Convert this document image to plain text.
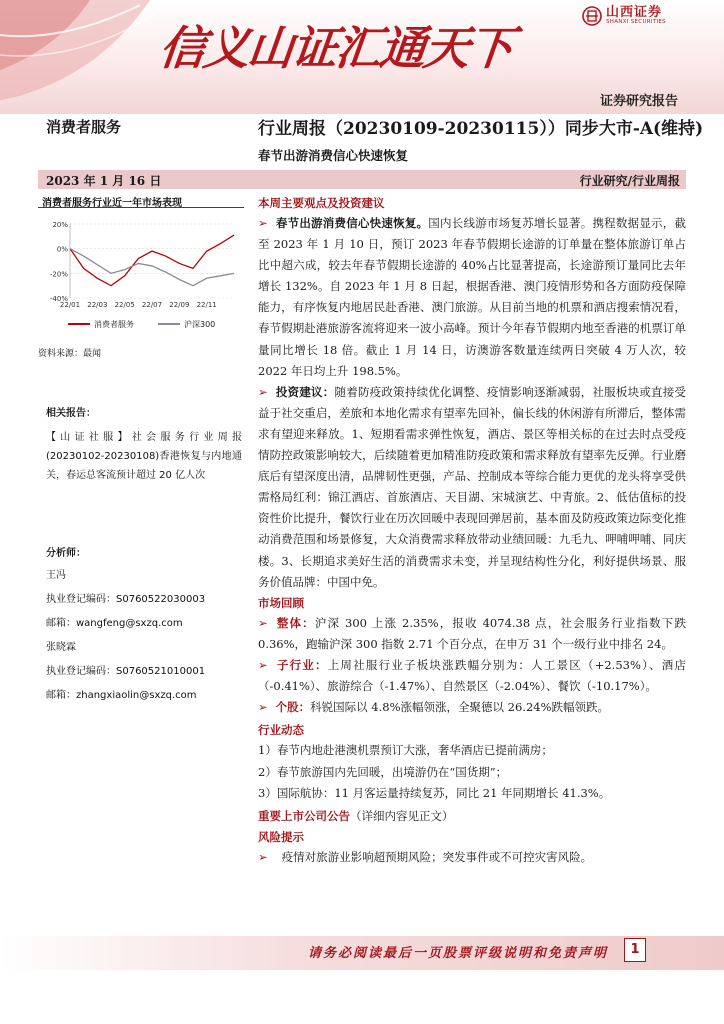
信义山证汇通天下
山西证券
SHANXI SECURITIES
证券研究报告
消费者服务	行业周报（20230109-20230115））同步大市-A(维持)
春节出游消费信心快速恢复
2023 年 1 月 16 日	行业研究/行业周报
消费者服务行业近一年市场表现
20%
0%
-20%
-40%
22/01 22/03 22/05 22/07 22/09 22/11
消费者服务	沪深300
资料来源：最闻
相关报告：
【山证社服】社会服务行业周报(20230102-20230108)香港恢复与内地通关，春运总客流预计超过 20 亿人次
分析师：
王冯
执业登记编码：S0760522030003
邮箱：wangfeng@sxzq.com
张晓霖
执业登记编码：S0760521010001
邮箱：zhangxiaolin@sxzq.com
本周主要观点及投资建议

➢ 春节出游消费信心快速恢复。国内长线游市场复苏增长显著。携程数据显示，截至 2023 年 1 月 10 日，预订 2023 年春节假期长途游的订单量在整体旅游订单占比中超六成，较去年春节假期长途游的 40%占比显著提高，长途游预订量同比去年增长 132%。自 2023 年 1 月 8 日起，根据香港、澳门疫情形势和各方面防疫保障能力，有序恢复内地居民赴香港、澳门旅游。从目前当地的机票和酒店搜索情况看，春节假期赴港旅游客流将迎来一波小高峰。预计今年春节假期内地至香港的机票订单量同比增长 18 倍。截止 1 月 14 日，访澳游客数量连续两日突破 4 万人次，较 2022 年日均上升 198.5%。

➢ 投资建议：随着防疫政策持续优化调整、疫情影响逐渐减弱，社服板块或直接受益于社交重启，差旅和本地化需求有望率先回补，偏长线的休闲游有所滞后，整体需求有望迎来释放。1、短期看需求弹性恢复，酒店、景区等相关标的在过去时点受疫情防控政策影响较大，后续随着更加精准防疫政策和需求释放有望率先反弹。行业磨底后有望深度出清，品牌韧性更强，产品、控制成本等综合能力更优的龙头将享受供需格局红利：锦江酒店、首旅酒店、天目湖、宋城演艺、中青旅。2、低估值标的投资性价比提升，餐饮行业在历次回暖中表现回弹居前，基本面及防疫政策边际变化推动消费范围和场景修复，大众消费需求释放带动业绩回暖：九毛九、呷哺呷哺、同庆楼。3、长期追求美好生活的消费需求未变，并呈现结构性分化，利好提供场景、服务价值品牌：中国中免。

市场回顾

➢ 整体：沪深 300 上涨 2.35%，报收 4074.38 点，社会服务行业指数下跌 0.36%，跑输沪深 300 指数 2.71 个百分点，在申万 31 个一级行业中排名 24。

➢ 子行业：上周社服行业子板块涨跌幅分别为：人工景区（+2.53%）、酒店（-0.41%）、旅游综合（-1.47%）、自然景区（-2.04%）、餐饮（-10.17%）。

➢ 个股：科锐国际以 4.8%涨幅领涨，全聚德以 26.24%跌幅领跌。

行业动态
1）春节内地赴港澳机票预订大涨，奢华酒店已提前满房；
2）春节旅游国内先回暖，出境游仍在“国货期”；
3）国际航协：11 月客运量持续复苏，同比 21 年同期增长 41.3%。
重要上市公司公告（详细内容见正文）
风险提示

➢ 疫情对旅游业影响超预期风险；突发事件或不可控灾害风险。

请务必阅读最后一页股票评级说明和免责声明	1
